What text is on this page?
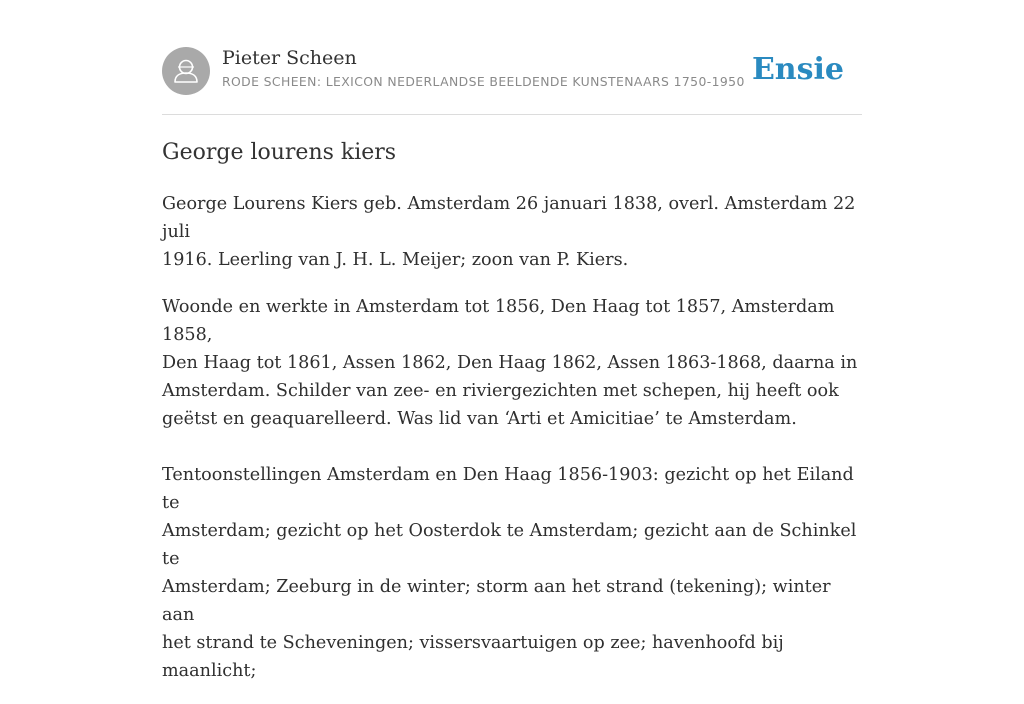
Pieter Scheen
RODE SCHEEN: LEXICON NEDERLANDSE BEELDENDE KUNSTENAARS 1750-1950 Ensie
George lourens kiers

George Lourens Kiers geb. Amsterdam 26 januari 1838, overl. Amsterdam 22 juli
1916. Leerling van J. H. L. Meijer; zoon van P. Kiers.

Woonde en werkte in Amsterdam tot 1856, Den Haag tot 1857, Amsterdam 1858,
Den Haag tot 1861, Assen 1862, Den Haag 1862, Assen 1863-1868, daarna in
Amsterdam. Schilder van zee- en riviergezichten met schepen, hij heeft ook
geëtst en geaquarelleerd. Was lid van ‘Arti et Amicitiae’ te Amsterdam.

Tentoonstellingen Amsterdam en Den Haag 1856-1903: gezicht op het Eiland te
Amsterdam; gezicht op het Oosterdok te Amsterdam; gezicht aan de Schinkel te
Amsterdam; Zeeburg in de winter; storm aan het strand (tekening); winter aan
het strand te Scheveningen; vissersvaartuigen op zee; havenhoofd bij maanlicht;
